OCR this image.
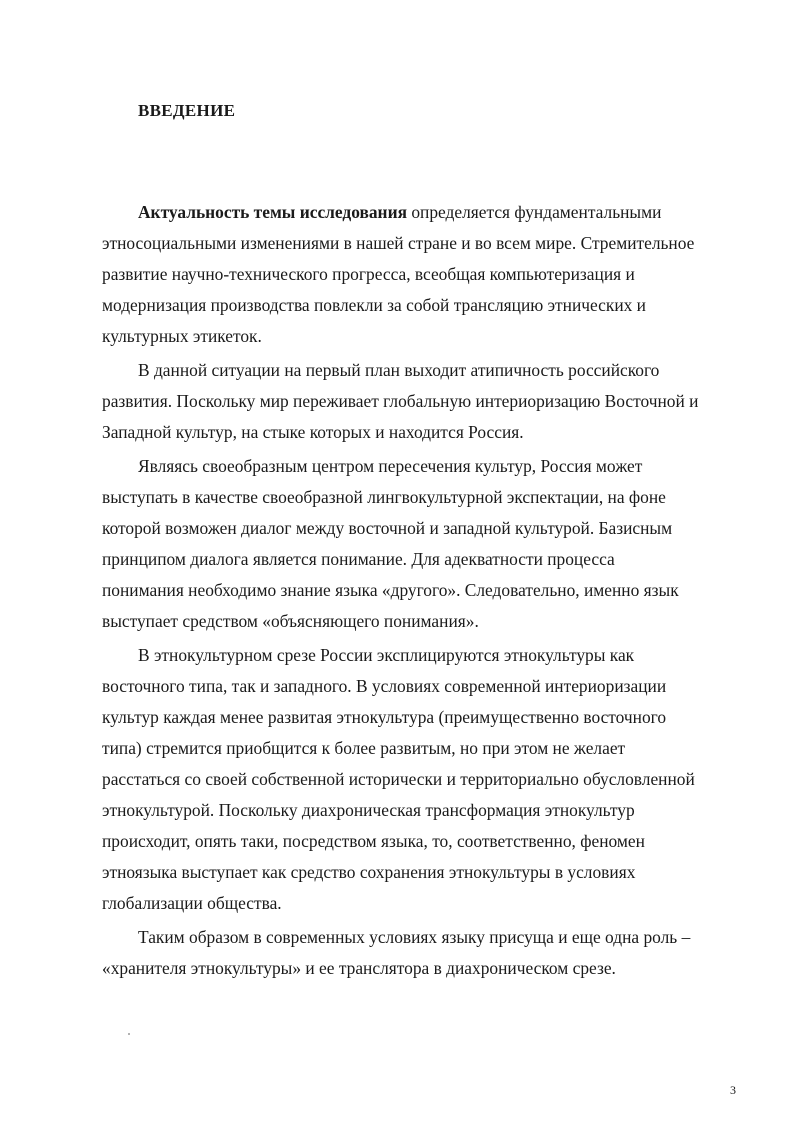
ВВЕДЕНИЕ

Актуальность темы исследования определяется фундаментальными
этносоциальными изменениями в нашей стране и во всем мире. Стремительное
развитие научно-технического прогресса, всеобщая компьютеризация и
модернизация производства повлекли за собой трансляцию этнических и
культурных этикеток.

В данной ситуации на первый план выходит атипичность российского
развития. Поскольку мир переживает глобальную интериоризацию Восточной и
Западной культур, на стыке которых и находится Россия.

Являясь своеобразным центром пересечения культур, Россия может
выступать в качестве своеобразной лингвокультурной экспектации, на фоне
которой возможен диалог между восточной и западной культурой. Базисным
принципом диалога является понимание. Для адекватности процесса
понимания необходимо знание языка «другого». Следовательно, именно язык
выступает средством «объясняющего понимания».

В этнокультурном срезе России эксплицируются этнокультуры как
восточного типа, так и западного. В условиях современной интериоризации
культур каждая менее развитая этнокультура (преимущественно восточного
типа) стремится приобщится к более развитым, но при этом не желает
расстаться со своей собственной исторически и территориально обусловленной
этнокультурой. Поскольку диахроническая трансформация этнокультур
происходит, опять таки, посредством языка, то, соответственно, феномен
этноязыка выступает как средство сохранения этнокультуры в условиях
глобализации общества.

Таким образом в современных условиях языку присуща и еще одна роль –
«хранителя этнокультуры» и ее транслятора в диахроническом срезе.

3
